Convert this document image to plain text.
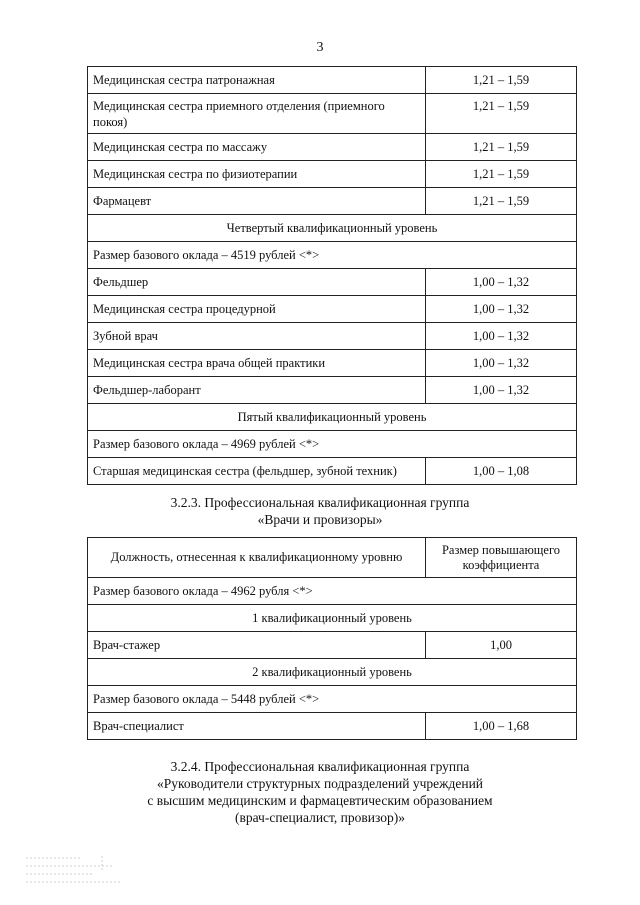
3
Медицинская сестра патронажная	1,21 – 1,59
Медицинская сестра приемного отделения (приемного покоя)	1,21 – 1,59
Медицинская сестра по массажу	1,21 – 1,59
Медицинская сестра по физиотерапии	1,21 – 1,59
Фармацевт	1,21 – 1,59
Четвертый квалификационный уровень	
Размер базового оклада – 4519 рублей <*>	
Фельдшер	1,00 – 1,32
Медицинская сестра процедурной	1,00 – 1,32
Зубной врач	1,00 – 1,32
Медицинская сестра врача общей практики	1,00 – 1,32
Фельдшер-лаборант	1,00 – 1,32
Пятый квалификационный уровень	
Размер базового оклада – 4969 рублей <*>	
Старшая медицинская сестра (фельдшер, зубной техник)	1,00 – 1,08
3.2.3. Профессиональная квалификационная группа
«Врачи и провизоры»
Должность, отнесенная к квалификационному уровню	Размер повышающего коэффициента
Размер базового оклада – 4962 рубля <*>	
1 квалификационный уровень	
Врач-стажер	1,00
2 квалификационный уровень	
Размер базового оклада – 5448 рублей <*>	
Врач-специалист	1,00 – 1,68
3.2.4. Профессиональная квалификационная группа
«Руководители структурных подразделений учреждений
с высшим медицинским и фармацевтическим образованием
(врач-специалист, провизор)»
